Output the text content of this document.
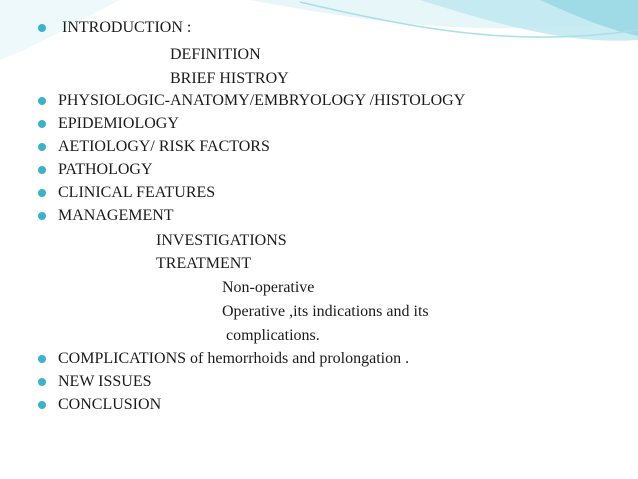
INTRODUCTION :
DEFINITION
BRIEF HISTROY
PHYSIOLOGIC-ANATOMY/EMBRYOLOGY /HISTOLOGY
EPIDEMIOLOGY
AETIOLOGY/ RISK FACTORS
PATHOLOGY
CLINICAL FEATURES
MANAGEMENT
INVESTIGATIONS
TREATMENT
Non-operative
Operative ,its indications and its
complications.
COMPLICATIONS of hemorrhoids and prolongation .
NEW ISSUES
CONCLUSION
